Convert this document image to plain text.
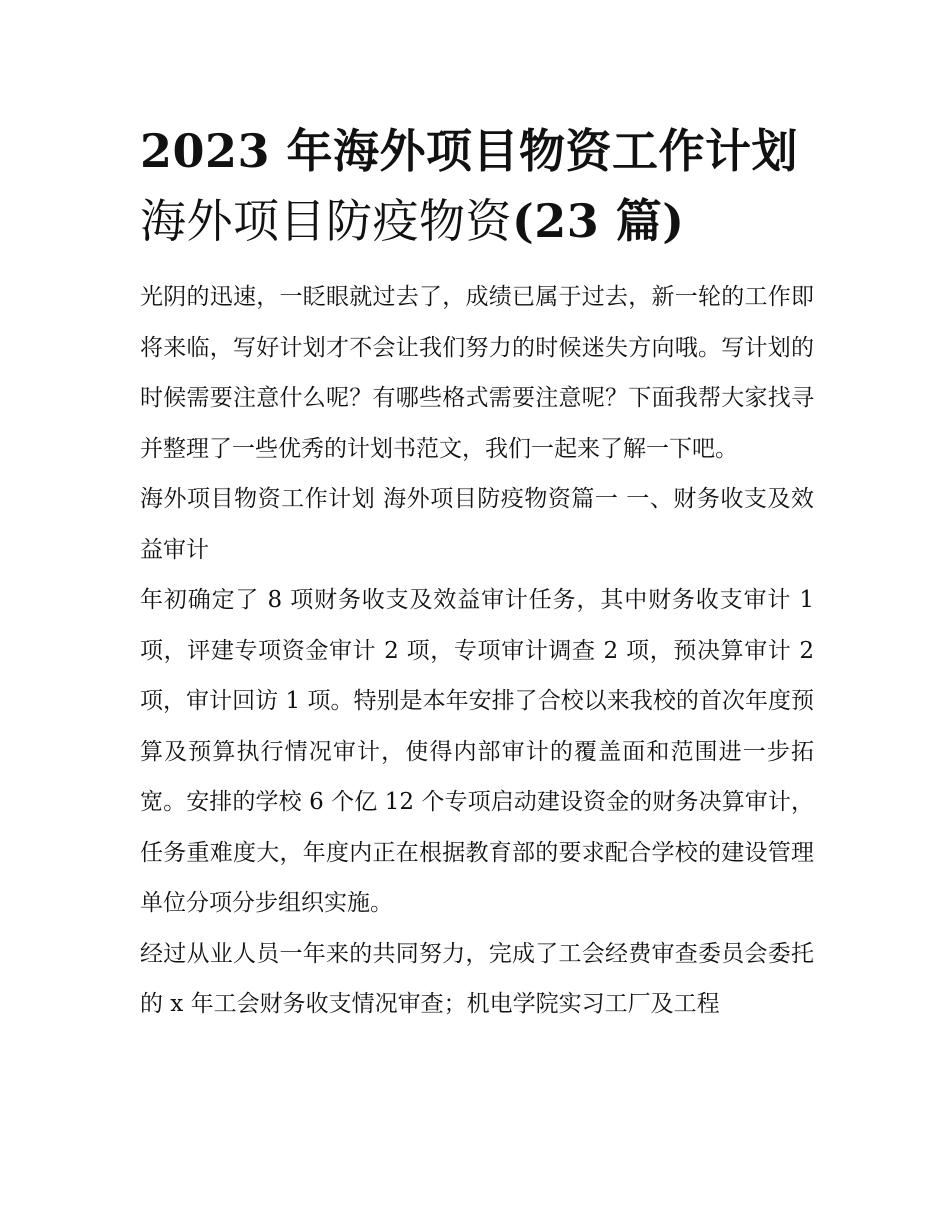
2023 年海外项目物资工作计划
海外项目防疫物资(23 篇)

光阴的迅速，一眨眼就过去了，成绩已属于过去，新一轮的工作即将来临，写好计划才不会让我们努力的时候迷失方向哦。写计划的时候需要注意什么呢？有哪些格式需要注意呢？下面我帮大家找寻并整理了一些优秀的计划书范文，我们一起来了解一下吧。

海外项目物资工作计划 海外项目防疫物资篇一 一、财务收支及效益审计

年初确定了 8 项财务收支及效益审计任务，其中财务收支审计 1 项，评建专项资金审计 2 项，专项审计调查 2 项，预决算审计 2 项，审计回访 1 项。特别是本年安排了合校以来我校的首次年度预算及预算执行情况审计，使得内部审计的覆盖面和范围进一步拓宽。安排的学校 6 个亿 12 个专项启动建设资金的财务决算审计，任务重难度大，年度内正在根据教育部的要求配合学校的建设管理单位分项分步组织实施。

经过从业人员一年来的共同努力，完成了工会经费审查委员会委托的 x 年工会财务收支情况审查；机电学院实习工厂及工程
